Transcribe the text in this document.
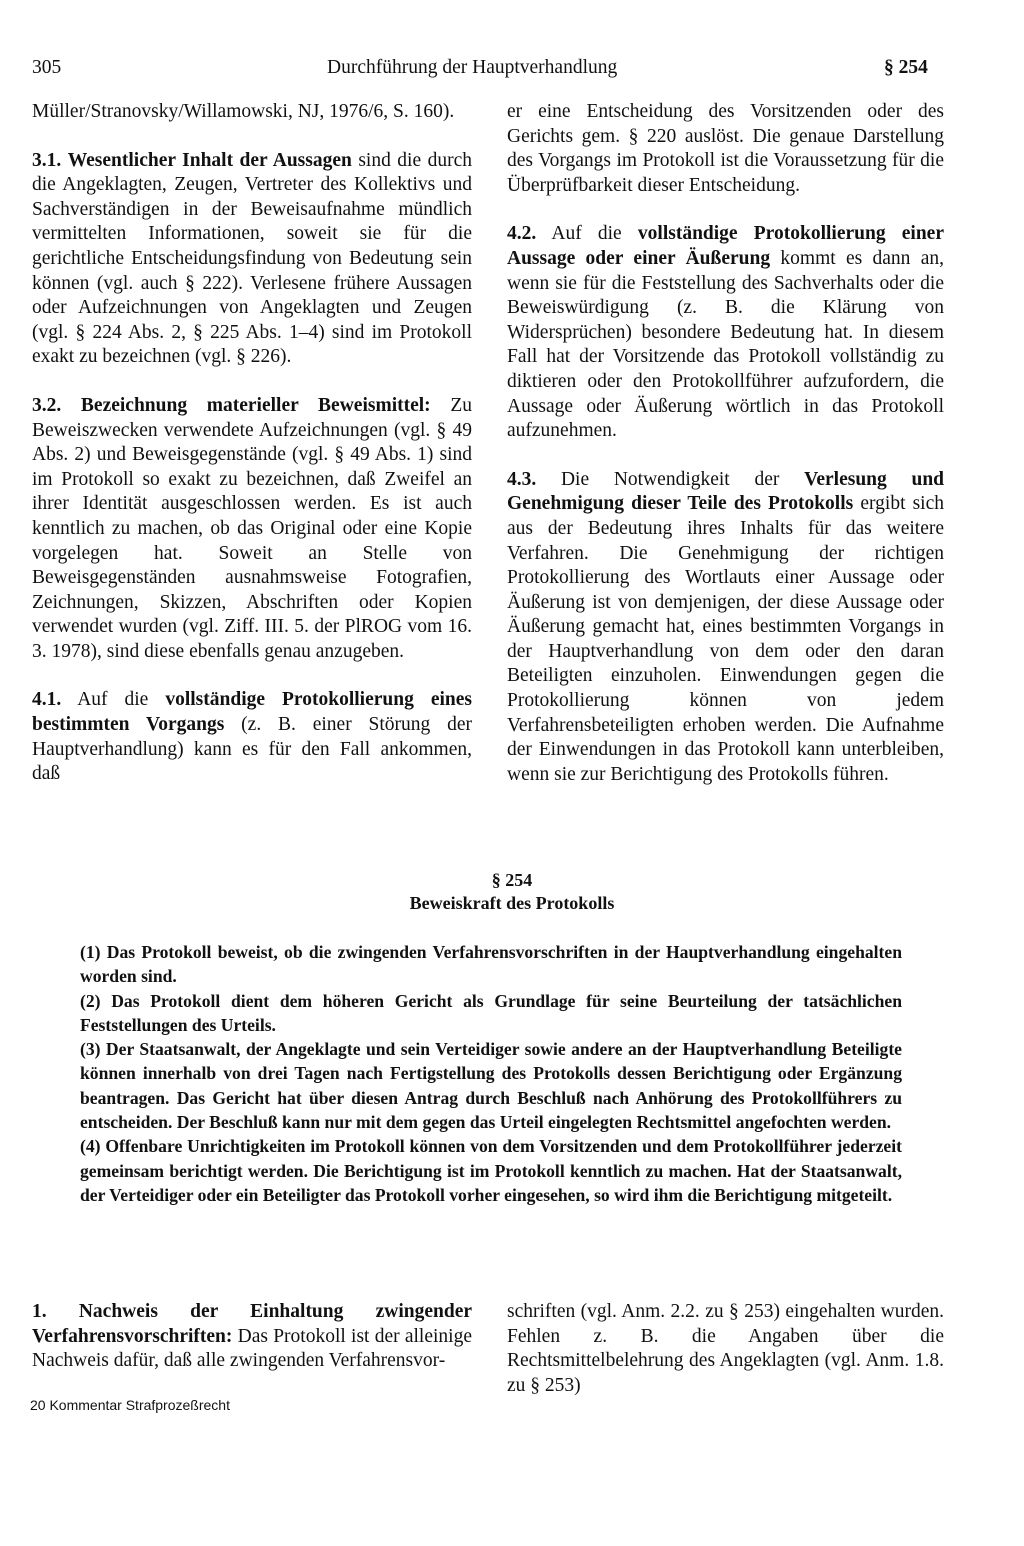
305	Durchführung der Hauptverhandlung	§ 254

Müller/Stranovsky/Willamowski, NJ, 1976/6, S. 160).

3.1. Wesentlicher Inhalt der Aussagen sind die durch die Angeklagten, Zeugen, Vertreter des Kollektivs und Sachverständigen in der Beweisaufnahme mündlich vermittelten Informationen, soweit sie für die gerichtliche Entscheidungsfindung von Bedeutung sein können (vgl. auch § 222). Verlesene frühere Aussagen oder Aufzeichnungen von Angeklagten und Zeugen (vgl. § 224 Abs. 2, § 225 Abs. 1–4) sind im Protokoll exakt zu bezeichnen (vgl. § 226).

3.2. Bezeichnung materieller Beweismittel: Zu Beweiszwecken verwendete Aufzeichnungen (vgl. § 49 Abs. 2) und Beweisgegenstände (vgl. § 49 Abs. 1) sind im Protokoll so exakt zu bezeichnen, daß Zweifel an ihrer Identität ausgeschlossen werden. Es ist auch kenntlich zu machen, ob das Original oder eine Kopie vorgelegen hat. Soweit an Stelle von Beweisgegenständen ausnahmsweise Fotografien, Zeichnungen, Skizzen, Abschriften oder Kopien verwendet wurden (vgl. Ziff. III. 5. der PlROG vom 16. 3. 1978), sind diese ebenfalls genau anzugeben.

4.1. Auf die vollständige Protokollierung eines bestimmten Vorgangs (z. B. einer Störung der Hauptverhandlung) kann es für den Fall ankommen, daß

er eine Entscheidung des Vorsitzenden oder des Gerichts gem. § 220 auslöst. Die genaue Darstellung des Vorgangs im Protokoll ist die Voraussetzung für die Überprüfbarkeit dieser Entscheidung.

4.2. Auf die vollständige Protokollierung einer Aussage oder einer Äußerung kommt es dann an, wenn sie für die Feststellung des Sachverhalts oder die Beweiswürdigung (z. B. die Klärung von Widersprüchen) besondere Bedeutung hat. In diesem Fall hat der Vorsitzende das Protokoll vollständig zu diktieren oder den Protokollführer aufzufordern, die Aussage oder Äußerung wörtlich in das Protokoll aufzunehmen.

4.3. Die Notwendigkeit der Verlesung und Genehmigung dieser Teile des Protokolls ergibt sich aus der Bedeutung ihres Inhalts für das weitere Verfahren. Die Genehmigung der richtigen Protokollierung des Wortlauts einer Aussage oder Äußerung ist von demjenigen, der diese Aussage oder Äußerung gemacht hat, eines bestimmten Vorgangs in der Hauptverhandlung von dem oder den daran Beteiligten einzuholen. Einwendungen gegen die Protokollierung können von jedem Verfahrensbeteiligten erhoben werden. Die Aufnahme der Einwendungen in das Protokoll kann unterbleiben, wenn sie zur Berichtigung des Protokolls führen.

§ 254
Beweiskraft des Protokolls

(1) Das Protokoll beweist, ob die zwingenden Verfahrensvorschriften in der Hauptverhandlung eingehalten worden sind.

(2) Das Protokoll dient dem höheren Gericht als Grundlage für seine Beurteilung der tatsächlichen Feststellungen des Urteils.

(3) Der Staatsanwalt, der Angeklagte und sein Verteidiger sowie andere an der Hauptverhandlung Beteiligte können innerhalb von drei Tagen nach Fertigstellung des Protokolls dessen Berichtigung oder Ergänzung beantragen. Das Gericht hat über diesen Antrag durch Beschluß nach Anhörung des Protokollführers zu entscheiden. Der Beschluß kann nur mit dem gegen das Urteil eingelegten Rechtsmittel angefochten werden.

(4) Offenbare Unrichtigkeiten im Protokoll können von dem Vorsitzenden und dem Protokollführer jederzeit gemeinsam berichtigt werden. Die Berichtigung ist im Protokoll kenntlich zu machen. Hat der Staatsanwalt, der Verteidiger oder ein Beteiligter das Protokoll vorher eingesehen, so wird ihm die Berichtigung mitgeteilt.

1. Nachweis der Einhaltung zwingender Verfahrensvorschriften: Das Protokoll ist der alleinige Nachweis dafür, daß alle zwingenden Verfahrensvor-

schriften (vgl. Anm. 2.2. zu § 253) eingehalten wurden. Fehlen z. B. die Angaben über die Rechtsmittelbelehrung des Angeklagten (vgl. Anm. 1.8. zu § 253)

20 Kommentar Strafprozeßrecht
